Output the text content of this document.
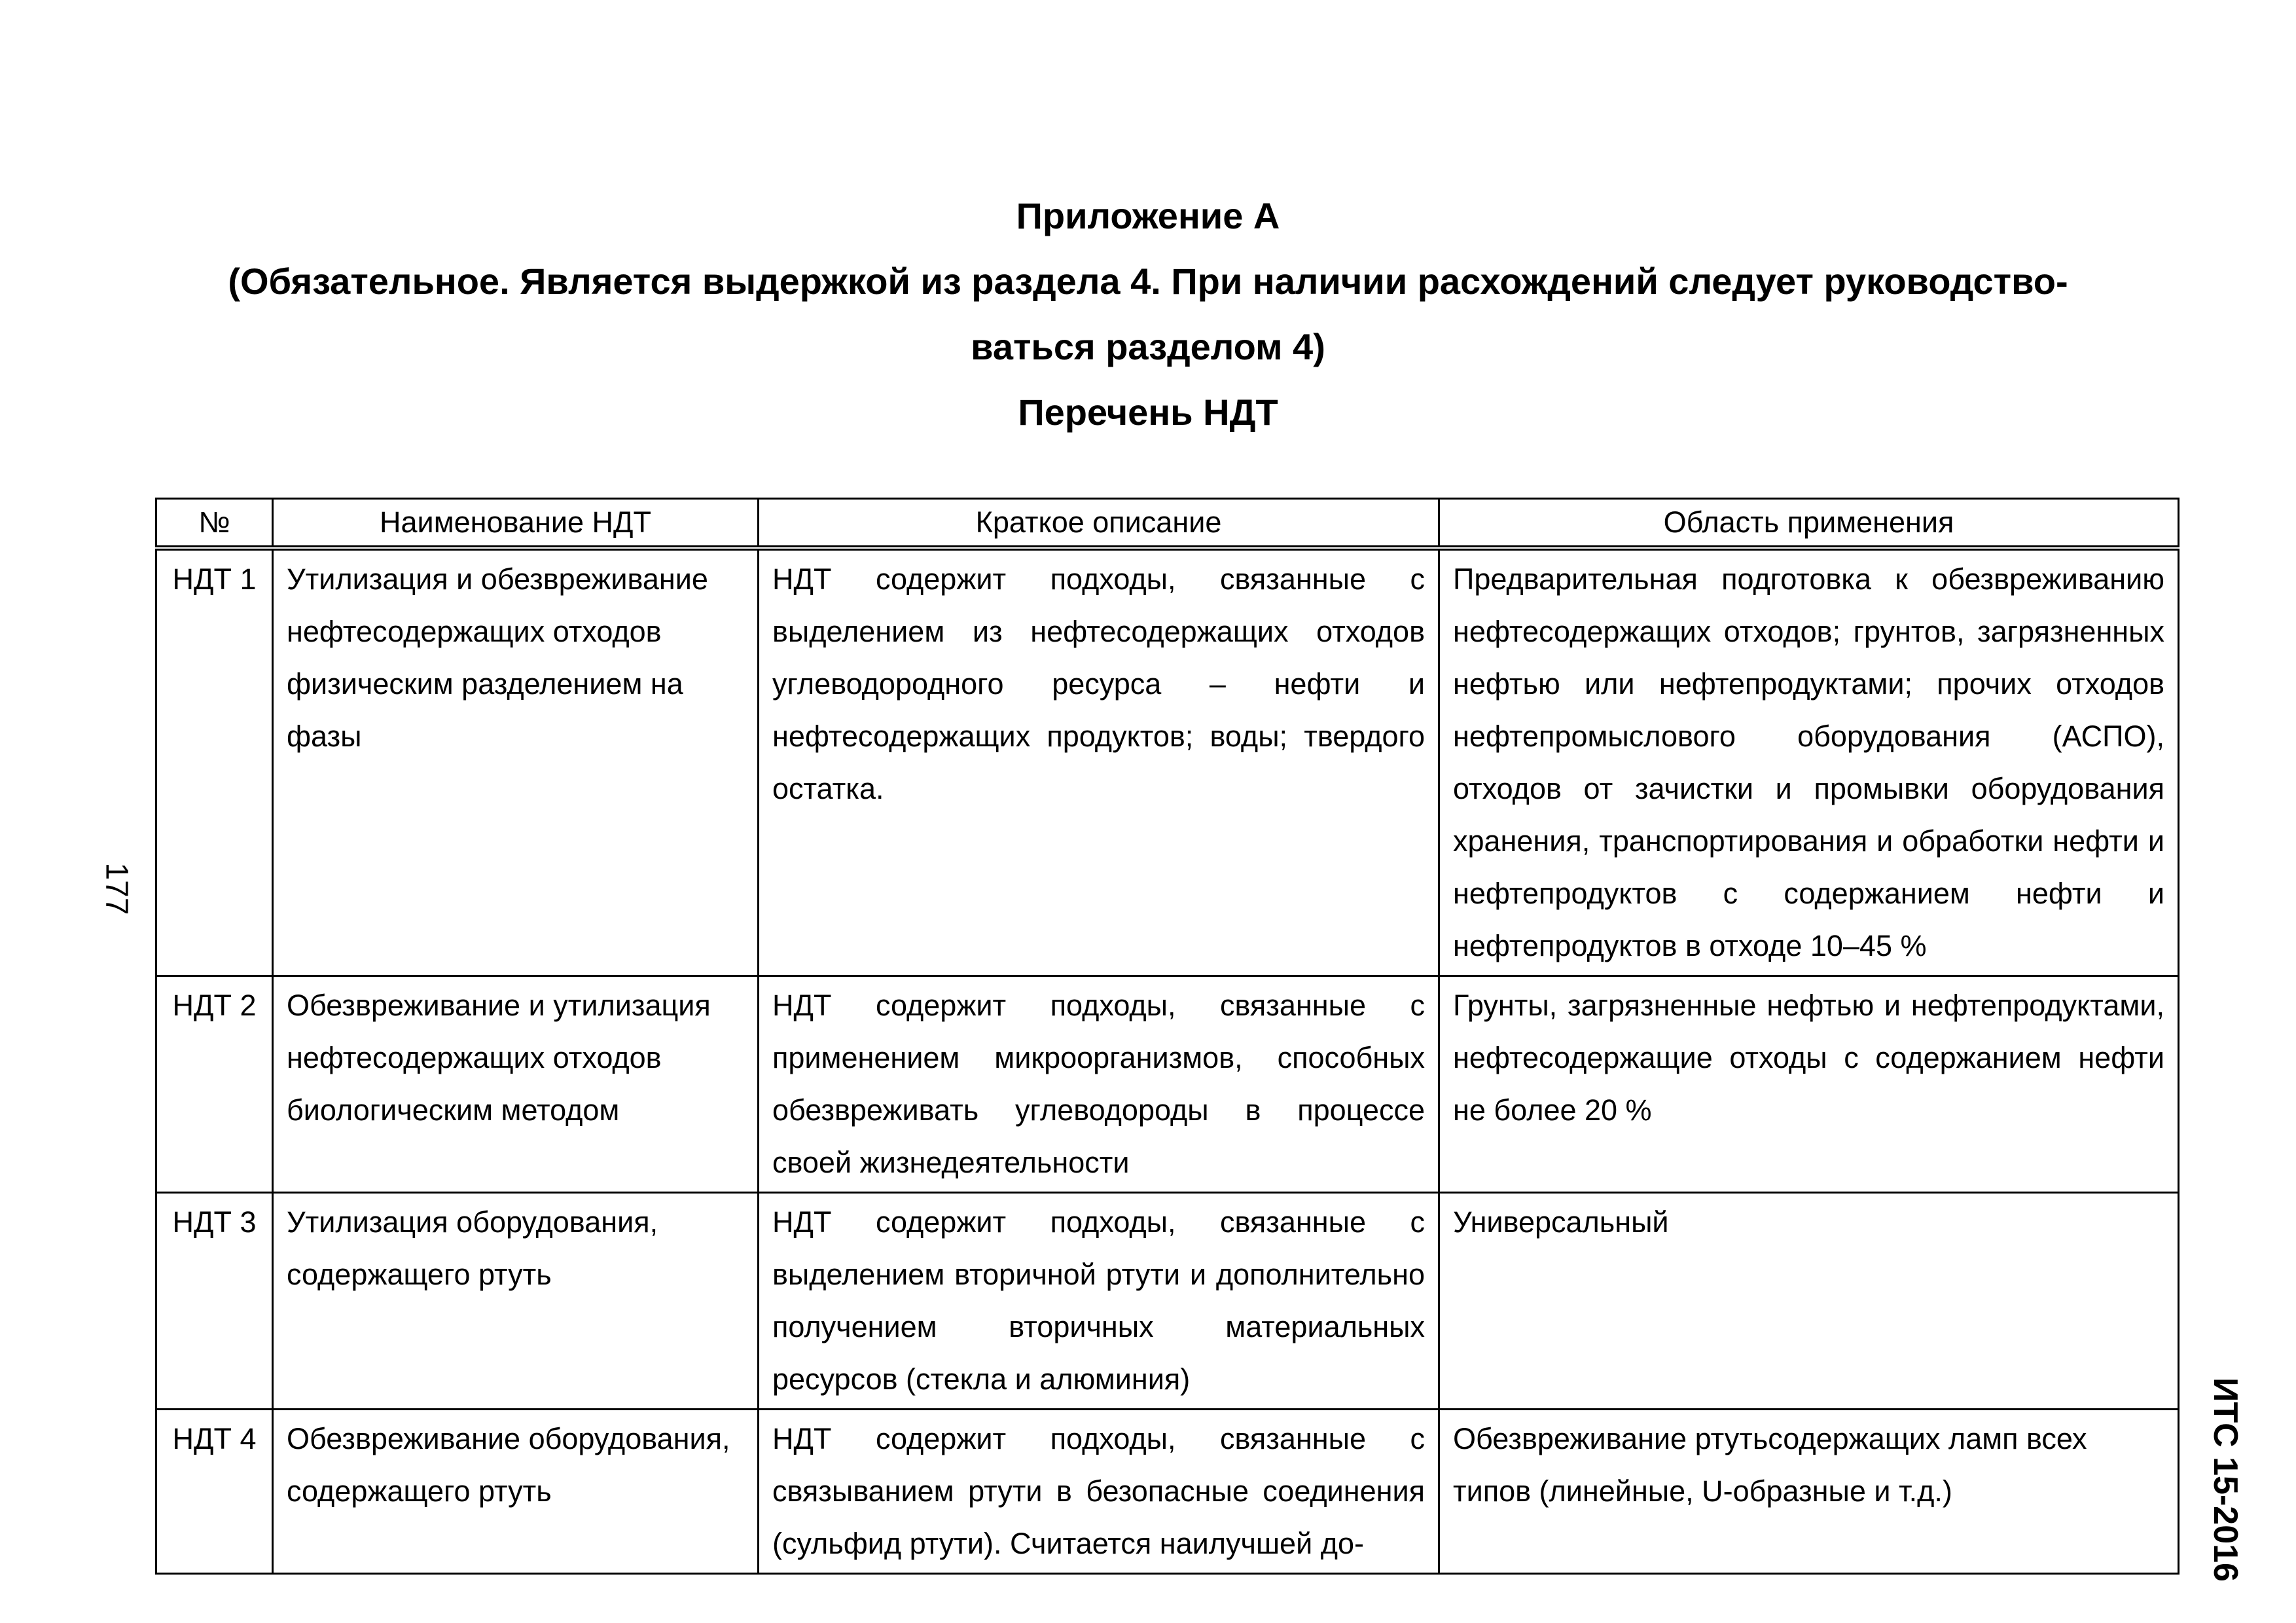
Приложение А
(Обязательное. Является выдержкой из раздела 4. При наличии расхождений следует руководство-
ваться разделом 4)
Перечень НДТ
177
ИТС 15-2016
№	Наименование НДТ	Краткое описание	Область применения
НДТ 1	Утилизация и обезвреживание нефтесодержащих отходов физическим разделением на фазы	НДТ содержит подходы, связанные с выделением из нефтесодержащих отходов углеводородного ресурса – нефти и нефтесодержащих продуктов; воды; твердого остатка.	Предварительная подготовка к обезвреживанию нефтесодержащих отходов; грунтов, загрязненных нефтью или нефтепродуктами; прочих отходов нефтепромыслового оборудования (АСПО), отходов от зачистки и промывки оборудования хранения, транспортирования и обработки нефти и нефтепродуктов с содержанием нефти и нефтепродуктов в отходе 10–45 %
НДТ 2	Обезвреживание и утилизация нефтесодержащих отходов биологическим методом	НДТ содержит подходы, связанные с применением микроорганизмов, способных обезвреживать углеводороды в процессе своей жизнедеятельности	Грунты, загрязненные нефтью и нефтепродуктами, нефтесодержащие отходы с содержанием нефти не более 20 %
НДТ 3	Утилизация оборудования, содержащего ртуть	НДТ содержит подходы, связанные с выделением вторичной ртути и дополнительно получением вторичных материальных ресурсов (стекла и алюминия)	Универсальный
НДТ 4	Обезвреживание оборудования, содержащего ртуть	НДТ содержит подходы, связанные с связыванием ртути в безопасные соединения (сульфид ртути). Считается наилучшей до-	Обезвреживание ртутьсодержащих ламп всех типов (линейные, U-образные и т.д.)
